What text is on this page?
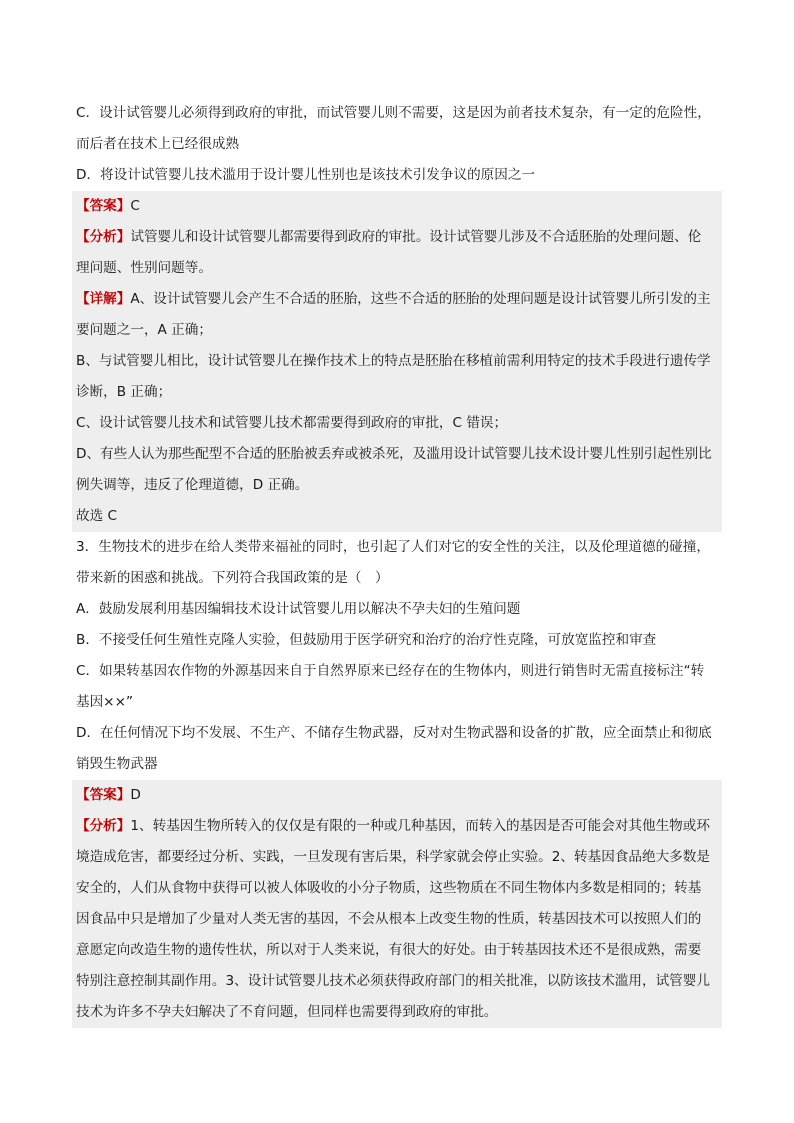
C．设计试管婴儿必须得到政府的审批，而试管婴儿则不需要，这是因为前者技术复杂，有一定的危险性，
而后者在技术上已经很成熟
D．将设计试管婴儿技术滥用于设计婴儿性别也是该技术引发争议的原因之一
【答案】C
【分析】试管婴儿和设计试管婴儿都需要得到政府的审批。设计试管婴儿涉及不合适胚胎的处理问题、伦
理问题、性别问题等。
【详解】A、设计试管婴儿会产生不合适的胚胎，这些不合适的胚胎的处理问题是设计试管婴儿所引发的主
要问题之一，A 正确；
B、与试管婴儿相比，设计试管婴儿在操作技术上的特点是胚胎在移植前需利用特定的技术手段进行遗传学
诊断，B 正确；
C、设计试管婴儿技术和试管婴儿技术都需要得到政府的审批，C 错误；
D、有些人认为那些配型不合适的胚胎被丢弃或被杀死，及滥用设计试管婴儿技术设计婴儿性别引起性别比
例失调等，违反了伦理道德，D 正确。
故选 C
3．生物技术的进步在给人类带来福祉的同时，也引起了人们对它的安全性的关注，以及伦理道德的碰撞，
带来新的困惑和挑战。下列符合我国政策的是（　）
A．鼓励发展利用基因编辑技术设计试管婴儿用以解决不孕夫妇的生殖问题
B．不接受任何生殖性克隆人实验，但鼓励用于医学研究和治疗的治疗性克隆，可放宽监控和审查
C．如果转基因农作物的外源基因来自于自然界原来已经存在的生物体内，则进行销售时无需直接标注“转
基因××”
D．在任何情况下均不发展、不生产、不储存生物武器，反对对生物武器和设备的扩散，应全面禁止和彻底
销毁生物武器
【答案】D
【分析】1、转基因生物所转入的仅仅是有限的一种或几种基因，而转入的基因是否可能会对其他生物或环
境造成危害，都要经过分析、实践，一旦发现有害后果，科学家就会停止实验。2、转基因食品绝大多数是
安全的，人们从食物中获得可以被人体吸收的小分子物质，这些物质在不同生物体内多数是相同的；转基
因食品中只是增加了少量对人类无害的基因，不会从根本上改变生物的性质，转基因技术可以按照人们的
意愿定向改造生物的遗传性状，所以对于人类来说，有很大的好处。由于转基因技术还不是很成熟，需要
特别注意控制其副作用。3、设计试管婴儿技术必须获得政府部门的相关批准，以防该技术滥用，试管婴儿
技术为许多不孕夫妇解决了不育问题，但同样也需要得到政府的审批。
